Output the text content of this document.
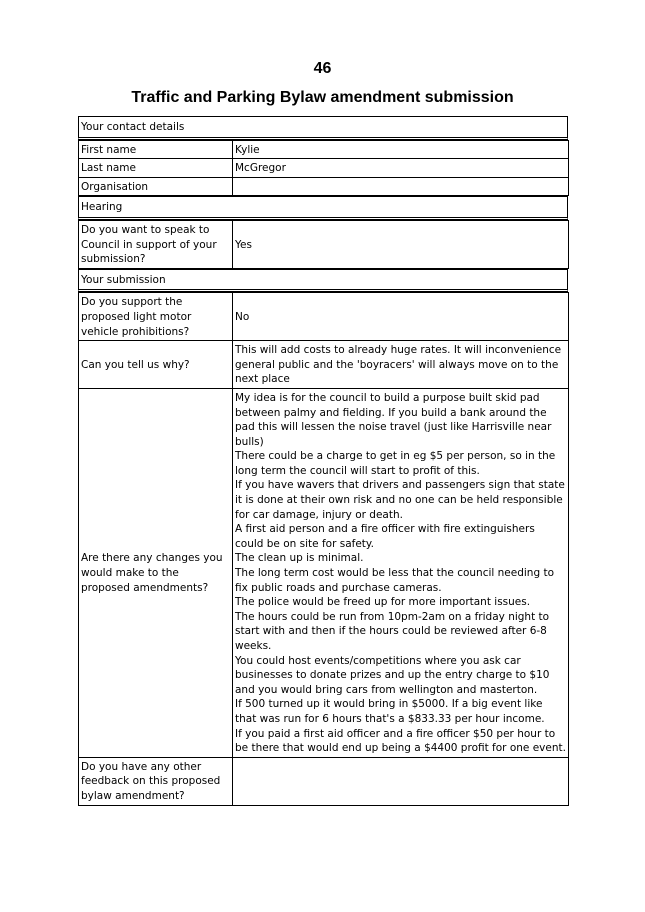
46
Traffic and Parking Bylaw amendment submission
Your contact details
First name	Kylie
Last name	McGregor
Organisation	
Hearing
Do you want to speak to Council in support of your submission?	Yes
Your submission
Do you support the proposed light motor vehicle prohibitions?	No
Can you tell us why?	This will add costs to already huge rates. It will inconvenience general public and the 'boyracers' will always move on to the next place
Are there any changes you would make to the proposed amendments?	My idea is for the council to build a purpose built skid pad between palmy and fielding. If you build a bank around the pad this will lessen the noise travel (just like Harrisville near bulls)
There could be a charge to get in eg $5 per person, so in the long term the council will start to profit of this.
If you have wavers that drivers and passengers sign that state it is done at their own risk and no one can be held responsible for car damage, injury or death.
A first aid person and a fire officer with fire extinguishers could be on site for safety.
The clean up is minimal.
The long term cost would be less that the council needing to fix public roads and purchase cameras.
The police would be freed up for more important issues.
The hours could be run from 10pm-2am on a friday night to start with and then if the hours could be reviewed after 6-8 weeks.
You could host events/competitions where you ask car businesses to donate prizes and up the entry charge to $10 and you would bring cars from wellington and masterton.
If 500 turned up it would bring in $5000. If a big event like that was run for 6 hours that's a $833.33 per hour income.
If you paid a first aid officer and a fire officer $50 per hour to be there that would end up being a $4400 profit for one event.
Do you have any other feedback on this proposed bylaw amendment?	
